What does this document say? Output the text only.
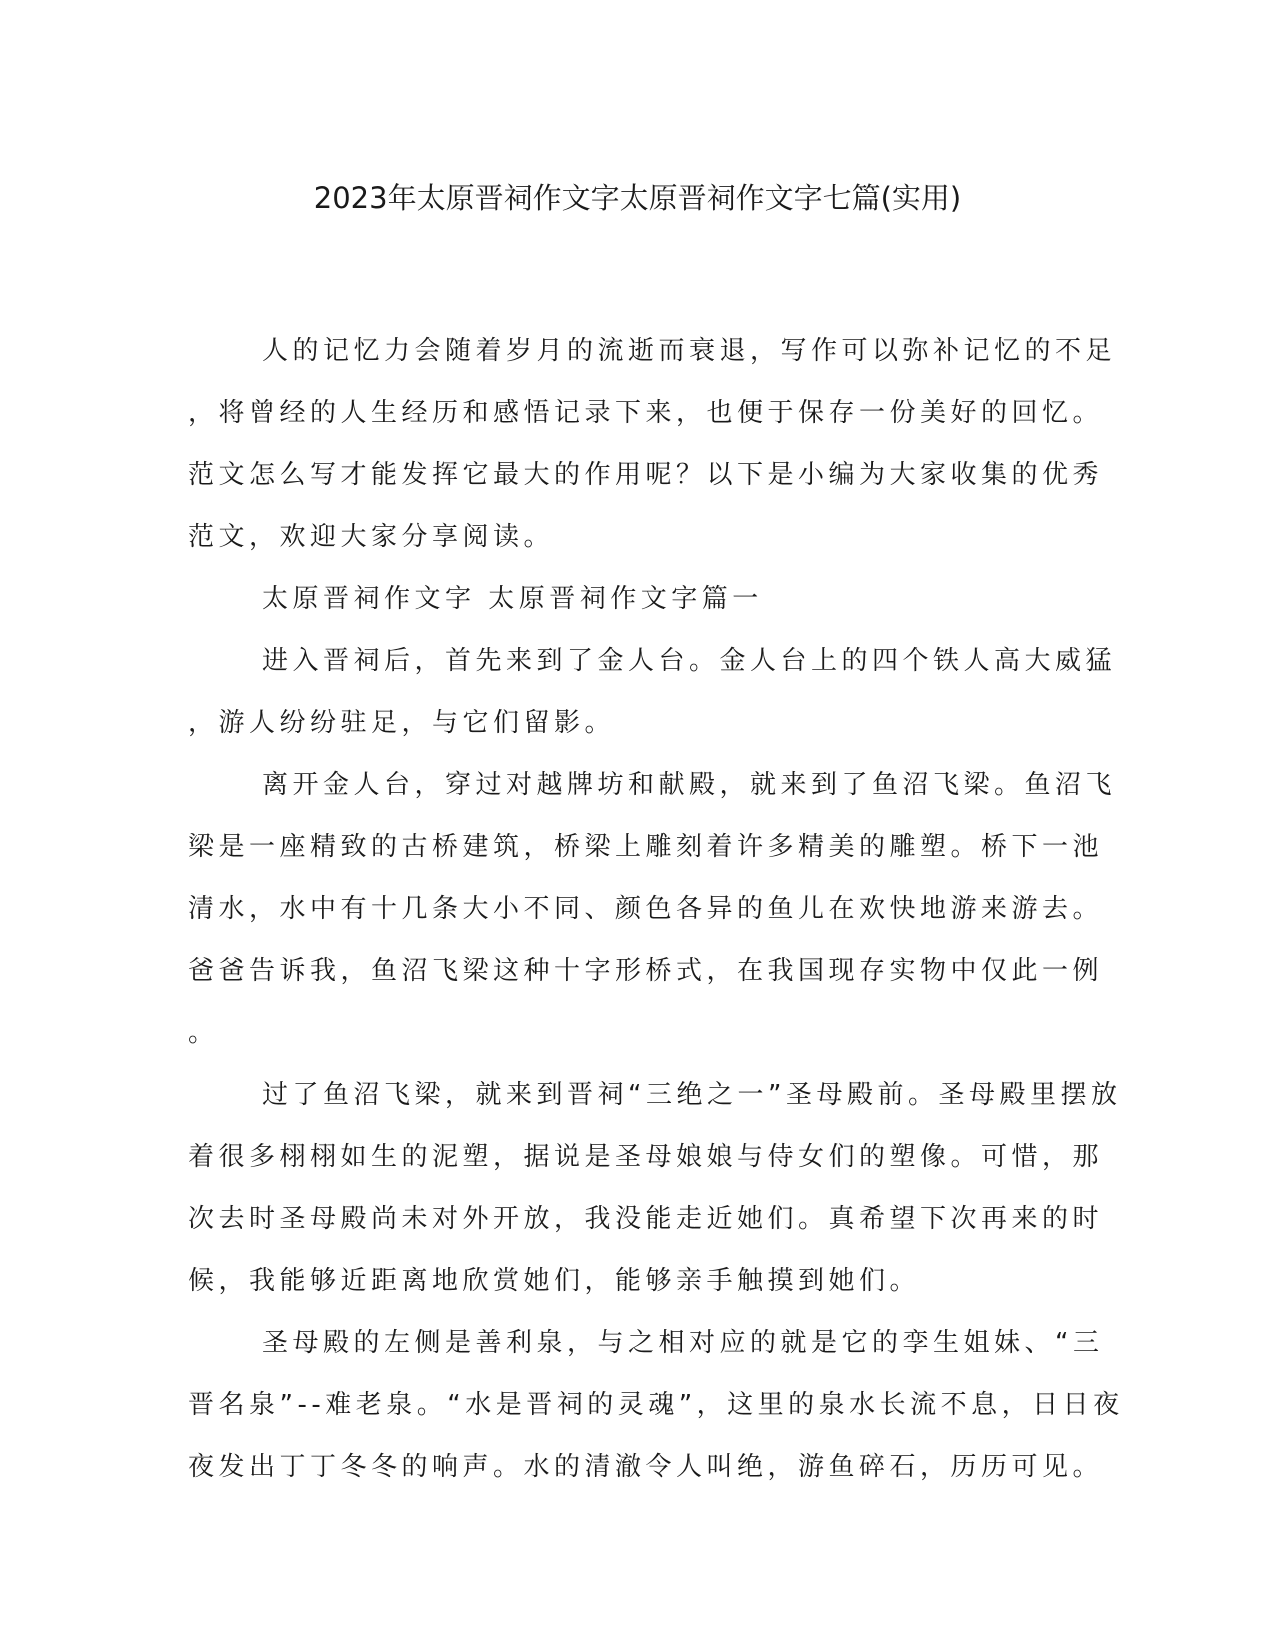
2023年太原晋祠作文字太原晋祠作文字七篇(实用)
人的记忆力会随着岁月的流逝而衰退，写作可以弥补记忆的不足
，将曾经的人生经历和感悟记录下来，也便于保存一份美好的回忆。
范文怎么写才能发挥它最大的作用呢？以下是小编为大家收集的优秀
范文，欢迎大家分享阅读。
太原晋祠作文字 太原晋祠作文字篇一
进入晋祠后，首先来到了金人台。金人台上的四个铁人高大威猛
，游人纷纷驻足，与它们留影。
离开金人台，穿过对越牌坊和献殿，就来到了鱼沼飞梁。鱼沼飞
梁是一座精致的古桥建筑，桥梁上雕刻着许多精美的雕塑。桥下一池
清水，水中有十几条大小不同、颜色各异的鱼儿在欢快地游来游去。
爸爸告诉我，鱼沼飞梁这种十字形桥式，在我国现存实物中仅此一例
。
过了鱼沼飞梁，就来到晋祠“三绝之一”圣母殿前。圣母殿里摆放
着很多栩栩如生的泥塑，据说是圣母娘娘与侍女们的塑像。可惜，那
次去时圣母殿尚未对外开放，我没能走近她们。真希望下次再来的时
候，我能够近距离地欣赏她们，能够亲手触摸到她们。
圣母殿的左侧是善利泉，与之相对应的就是它的孪生姐妹、“三
晋名泉”--难老泉。“水是晋祠的灵魂”，这里的泉水长流不息，日日夜
夜发出丁丁冬冬的响声。水的清澈令人叫绝，游鱼碎石，历历可见。
